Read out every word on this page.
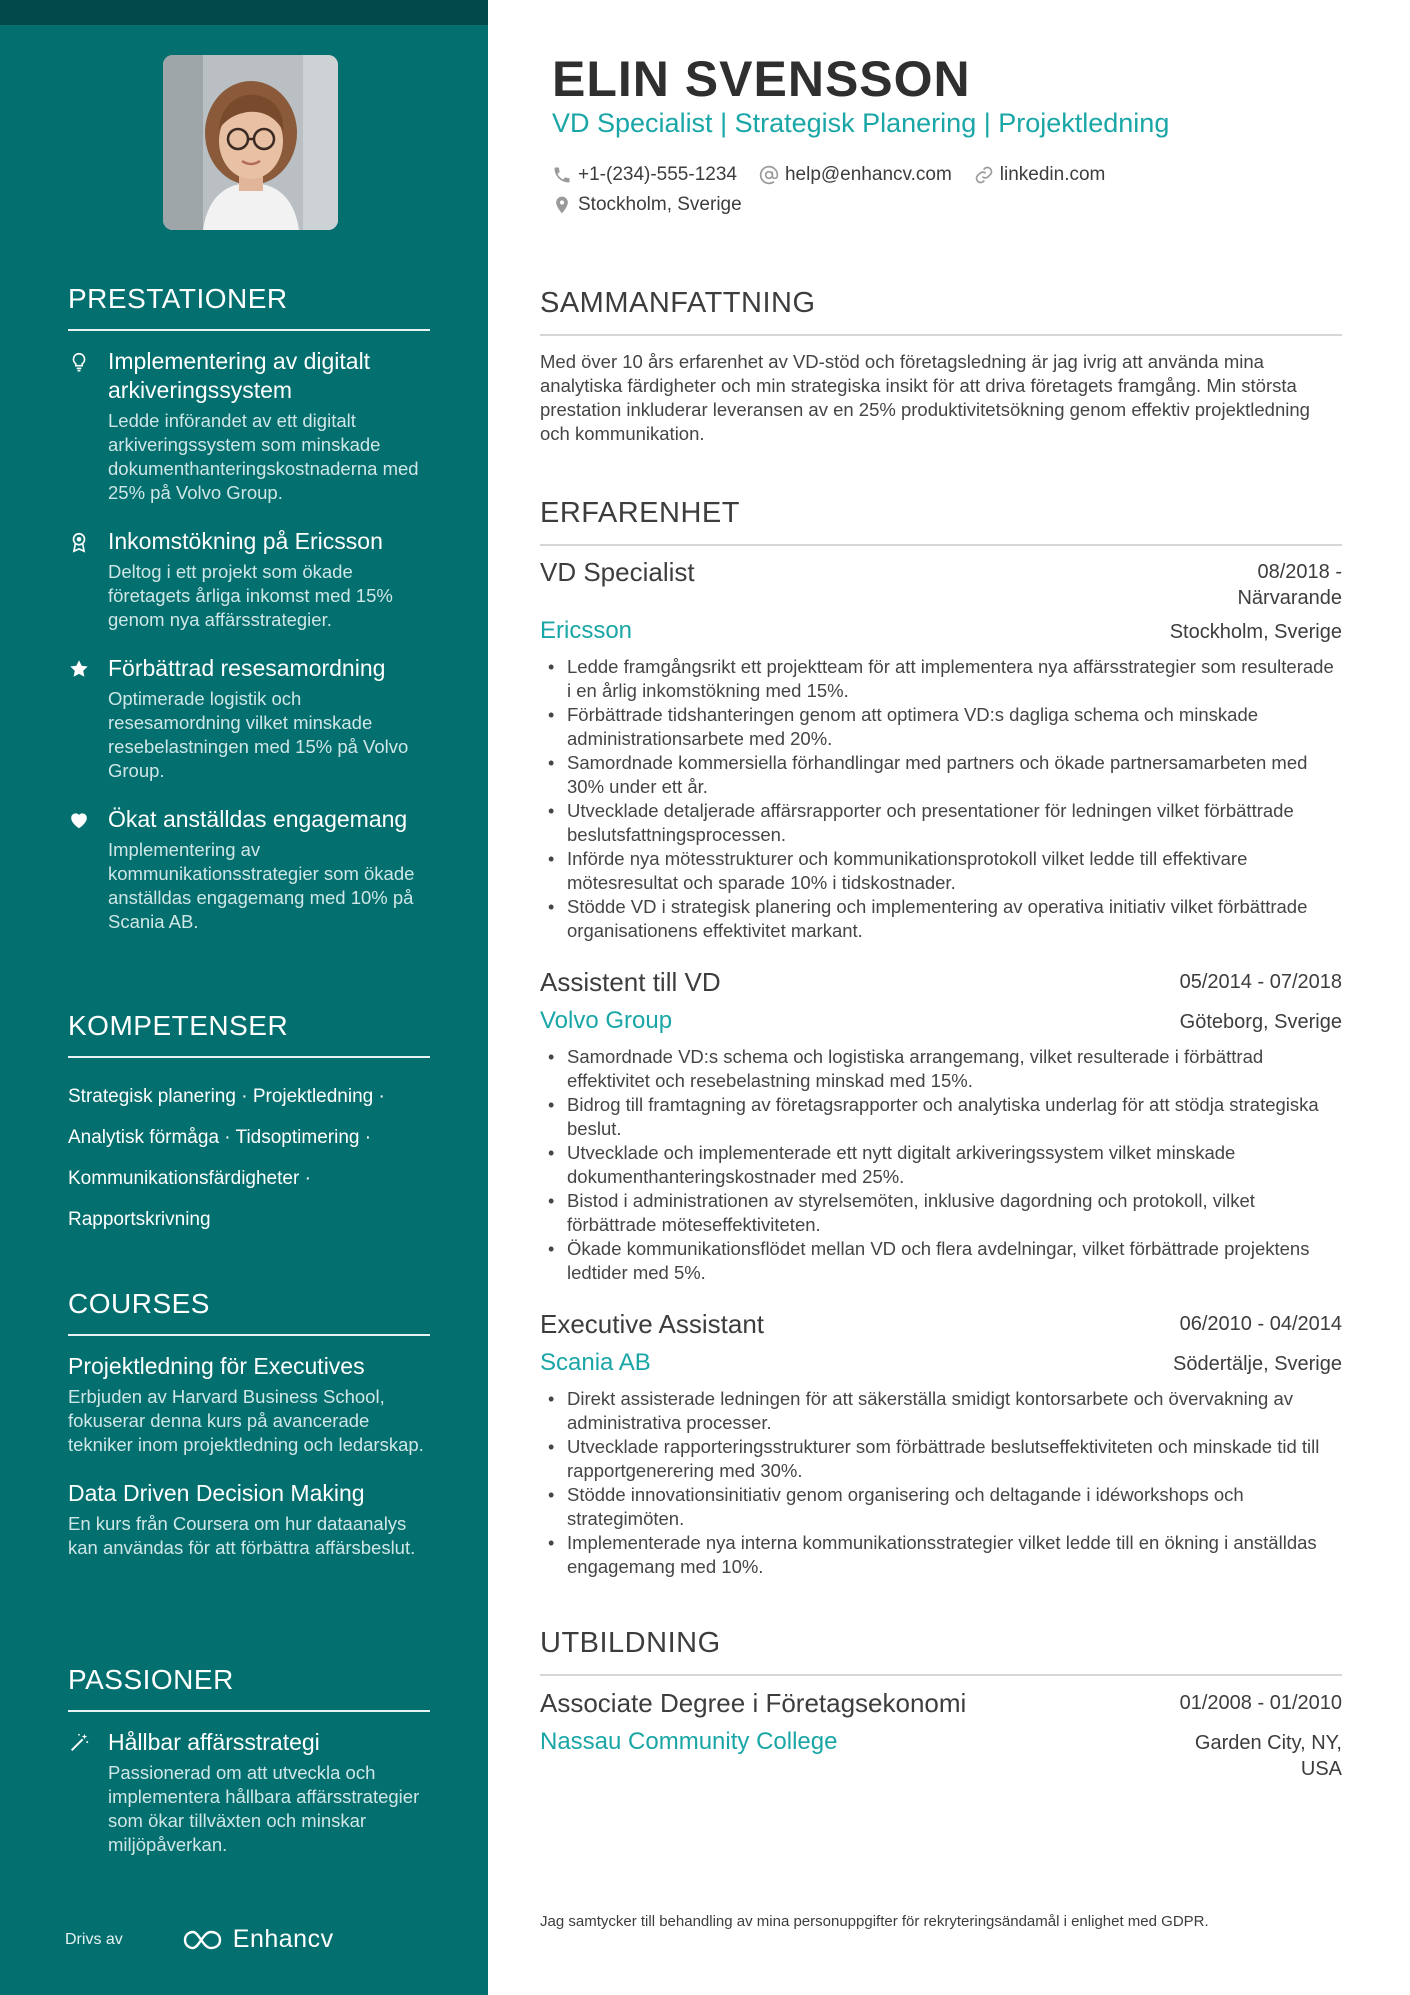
PRESTATIONER
Implementering av digitalt arkiveringssystem
Ledde införandet av ett digitalt arkiveringssystem som minskade dokumenthanteringskostnaderna med 25% på Volvo Group.
Inkomstökning på Ericsson
Deltog i ett projekt som ökade företagets årliga inkomst med 15% genom nya affärsstrategier.
Förbättrad resesamordning
Optimerade logistik och resesamordning vilket minskade resebelastningen med 15% på Volvo Group.
Ökat anställdas engagemang
Implementering av kommunikationsstrategier som ökade anställdas engagemang med 10% på Scania AB.
KOMPETENSER
Strategisk planering · Projektledning ·
Analytisk förmåga · Tidsoptimering ·
Kommunikationsfärdigheter ·
Rapportskrivning
COURSES
Projektledning för Executives
Erbjuden av Harvard Business School, fokuserar denna kurs på avancerade tekniker inom projektledning och ledarskap.
Data Driven Decision Making
En kurs från Coursera om hur dataanalys kan användas för att förbättra affärsbeslut.
PASSIONER
Hållbar affärsstrategi
Passionerad om att utveckla och implementera hållbara affärsstrategier som ökar tillväxten och minskar miljöpåverkan.
Drivs av	Enhancv
ELIN SVENSSON
VD Specialist | Strategisk Planering | Projektledning
+1-(234)-555-1234	help@enhancv.com	linkedin.com
Stockholm, Sverige
SAMMANFATTNING
Med över 10 års erfarenhet av VD-stöd och företagsledning är jag ivrig att använda mina analytiska färdigheter och min strategiska insikt för att driva företagets framgång. Min största prestation inkluderar leveransen av en 25% produktivitetsökning genom effektiv projektledning och kommunikation.
ERFARENHET
VD Specialist	08/2018 -
Närvarande
Ericsson	Stockholm, Sverige
• Ledde framgångsrikt ett projektteam för att implementera nya affärsstrategier som resulterade i en årlig inkomstökning med 15%.
• Förbättrade tidshanteringen genom att optimera VD:s dagliga schema och minskade administrationsarbete med 20%.
• Samordnade kommersiella förhandlingar med partners och ökade partnersamarbeten med 30% under ett år.
• Utvecklade detaljerade affärsrapporter och presentationer för ledningen vilket förbättrade beslutsfattningsprocessen.
• Införde nya mötesstrukturer och kommunikationsprotokoll vilket ledde till effektivare mötesresultat och sparade 10% i tidskostnader.
• Stödde VD i strategisk planering och implementering av operativa initiativ vilket förbättrade organisationens effektivitet markant.
Assistent till VD	05/2014 - 07/2018
Volvo Group	Göteborg, Sverige
• Samordnade VD:s schema och logistiska arrangemang, vilket resulterade i förbättrad effektivitet och resebelastning minskad med 15%.
• Bidrog till framtagning av företagsrapporter och analytiska underlag för att stödja strategiska beslut.
• Utvecklade och implementerade ett nytt digitalt arkiveringssystem vilket minskade dokumenthanteringskostnader med 25%.
• Bistod i administrationen av styrelsemöten, inklusive dagordning och protokoll, vilket förbättrade möteseffektiviteten.
• Ökade kommunikationsflödet mellan VD och flera avdelningar, vilket förbättrade projektens ledtider med 5%.
Executive Assistant	06/2010 - 04/2014
Scania AB	Södertälje, Sverige
• Direkt assisterade ledningen för att säkerställa smidigt kontorsarbete och övervakning av administrativa processer.
• Utvecklade rapporteringsstrukturer som förbättrade beslutseffektiviteten och minskade tid till rapportgenerering med 30%.
• Stödde innovationsinitiativ genom organisering och deltagande i idéworkshops och strategimöten.
• Implementerade nya interna kommunikationsstrategier vilket ledde till en ökning i anställdas engagemang med 10%.
UTBILDNING
Associate Degree i Företagsekonomi	01/2008 - 01/2010
Nassau Community College	Garden City, NY,
USA
Jag samtycker till behandling av mina personuppgifter för rekryteringsändamål i enlighet med GDPR.
